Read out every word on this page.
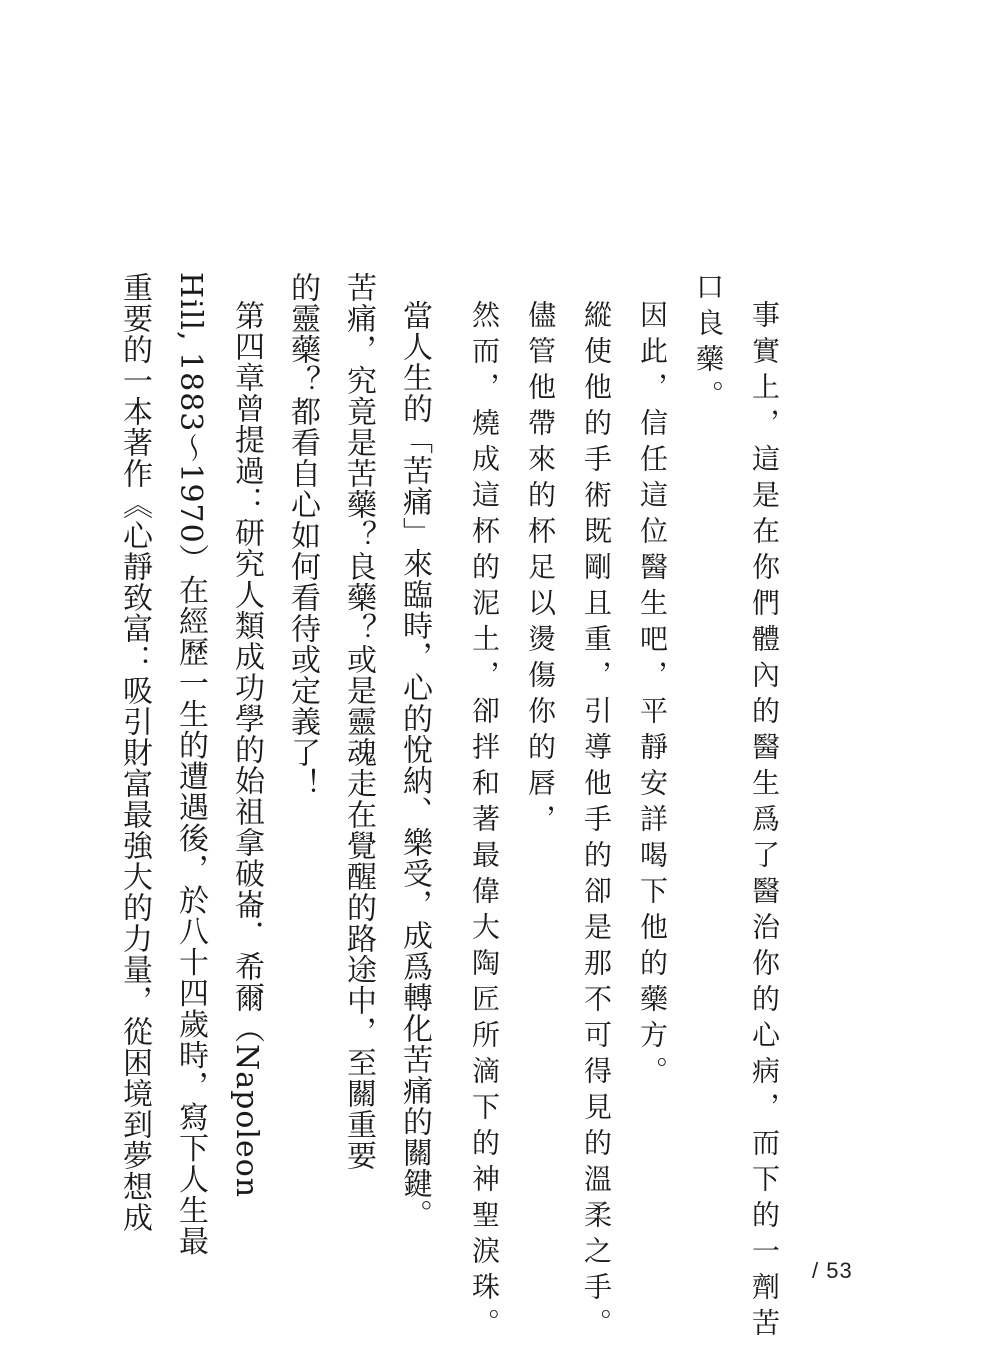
事實上，這是在你們體內的醫生爲了醫治你的心病，而下的一劑苦

口良藥。

因此，信任這位醫生吧，平靜安詳喝下他的藥方。

縱使他的手術既剛且重，引導他手的卻是那不可得見的溫柔之手。

儘管他帶來的杯足以燙傷你的唇，

然而，燒成這杯的泥土，卻拌和著最偉大陶匠所滴下的神聖淚珠。

當人生的「苦痛」來臨時，心的悅納、樂受，成爲轉化苦痛的關鍵。

苦痛，究竟是苦藥？良藥？或是靈魂走在覺醒的路途中，至關重要

的靈藥？都看自心如何看待或定義了！

第四章曾提過：研究人類成功學的始祖拿破崙．希爾（Napoleon

Hill, 1883～1970）在經歷一生的遭遇後，於八十四歲時，寫下人生最

重要的一本著作《心靜致富：吸引財富最強大的力量，從困境到夢想成

/ 53
